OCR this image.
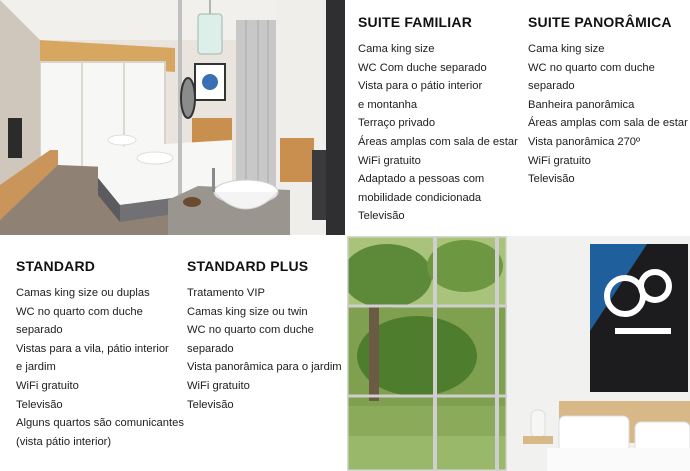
SUITE FAMILIAR
Cama king size
WC Com duche separado
Vista para o pátio interior
e montanha
Terraço privado
Áreas amplas com sala de estar
WiFi gratuito
Adaptado a pessoas com
mobilidade condicionada
Televisão
SUITE PANORÂMICA
Cama king size
WC no quarto com duche
separado
Banheira panorâmica
Áreas amplas com sala de estar
Vista panorâmica 270º
WiFi gratuito
Televisão
STANDARD
Camas king size ou duplas
WC no quarto com duche
separado
Vistas para a vila, pátio interior
e jardim
WiFi gratuito
Televisão
Alguns quartos são comunicantes
(vista pátio interior)
STANDARD PLUS
Tratamento VIP
Camas king size ou twin
WC no quarto com duche
separado
Vista panorâmica para o jardim
WiFi gratuito
Televisão
